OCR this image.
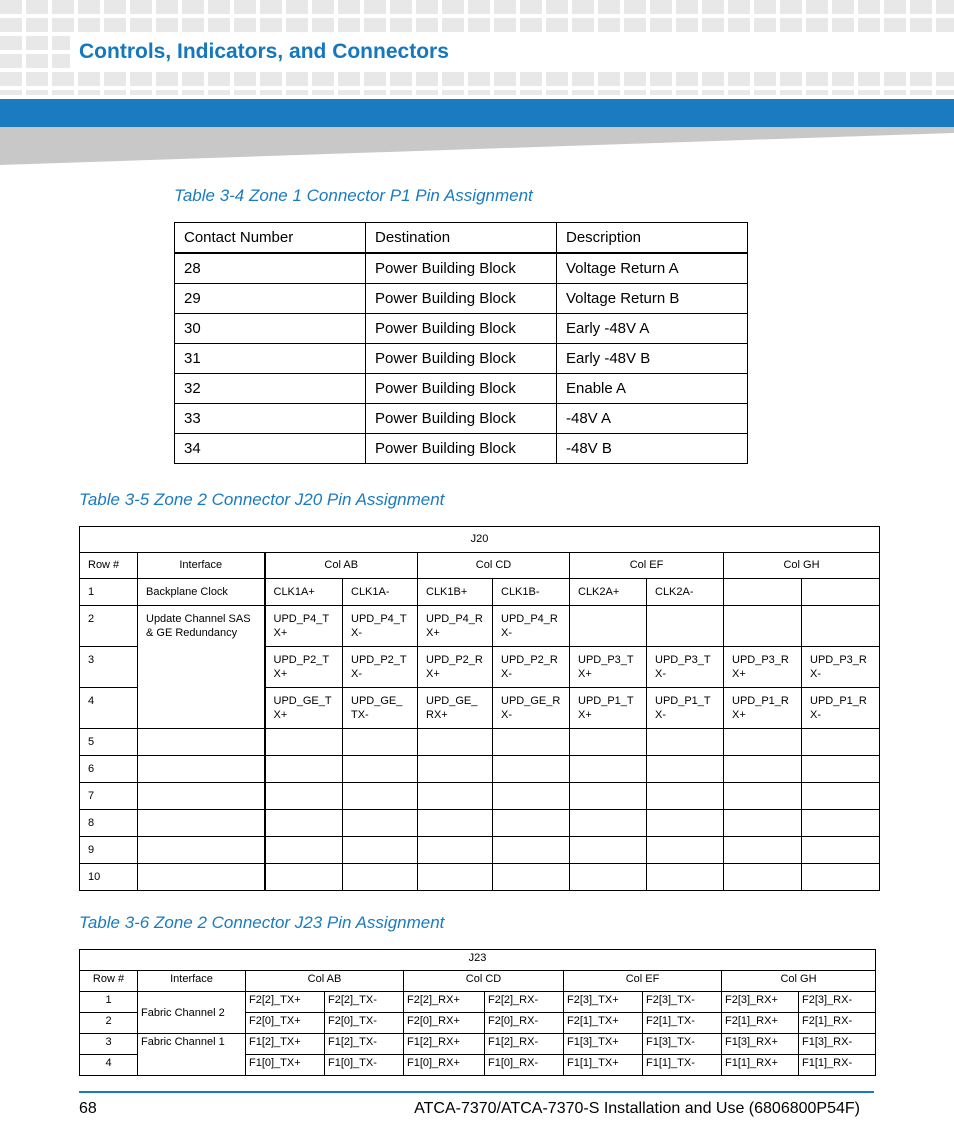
Controls, Indicators, and Connectors
Table 3-4 Zone 1 Connector P1 Pin Assignment
Contact Number	Destination	Description
28	Power Building Block	Voltage Return A
29	Power Building Block	Voltage Return B
30	Power Building Block	Early -48V A
31	Power Building Block	Early -48V B
32	Power Building Block	Enable A
33	Power Building Block	-48V A
34	Power Building Block	-48V B
Table 3-5 Zone 2 Connector J20 Pin Assignment
J20									
Row #	Interface	Col AB		Col CD		Col EF		Col GH	
1	Backplane Clock	CLK1A+	CLK1A-	CLK1B+	CLK1B-	CLK2A+	CLK2A-		
2	Update Channel SAS & GE Redundancy	UPD_P4_T X+	UPD_P4_T X-	UPD_P4_R X+	UPD_P4_R X-				
3		UPD_P2_T X+	UPD_P2_T X-	UPD_P2_R X+	UPD_P2_R X-	UPD_P3_T X+	UPD_P3_T X-	UPD_P3_R X+	UPD_P3_R X-
4		UPD_GE_T X+	UPD_GE_ TX-	UPD_GE_ RX+	UPD_GE_R X-	UPD_P1_T X+	UPD_P1_T X-	UPD_P1_R X+	UPD_P1_R X-
5									
6									
7									
8									
9									
10									
Table 3-6 Zone 2 Connector J23 Pin Assignment
J23									
Row #	Interface	Col AB		Col CD		Col EF		Col GH	
1	Fabric Channel 2	F2[2]_TX+	F2[2]_TX-	F2[2]_RX+	F2[2]_RX-	F2[3]_TX+	F2[3]_TX-	F2[3]_RX+	F2[3]_RX-
2		F2[0]_TX+	F2[0]_TX-	F2[0]_RX+	F2[0]_RX-	F2[1]_TX+	F2[1]_TX-	F2[1]_RX+	F2[1]_RX-
3	Fabric Channel 1	F1[2]_TX+	F1[2]_TX-	F1[2]_RX+	F1[2]_RX-	F1[3]_TX+	F1[3]_TX-	F1[3]_RX+	F1[3]_RX-
4		F1[0]_TX+	F1[0]_TX-	F1[0]_RX+	F1[0]_RX-	F1[1]_TX+	F1[1]_TX-	F1[1]_RX+	F1[1]_RX-
68	ATCA-7370/ATCA-7370-S Installation and Use (6806800P54F)
